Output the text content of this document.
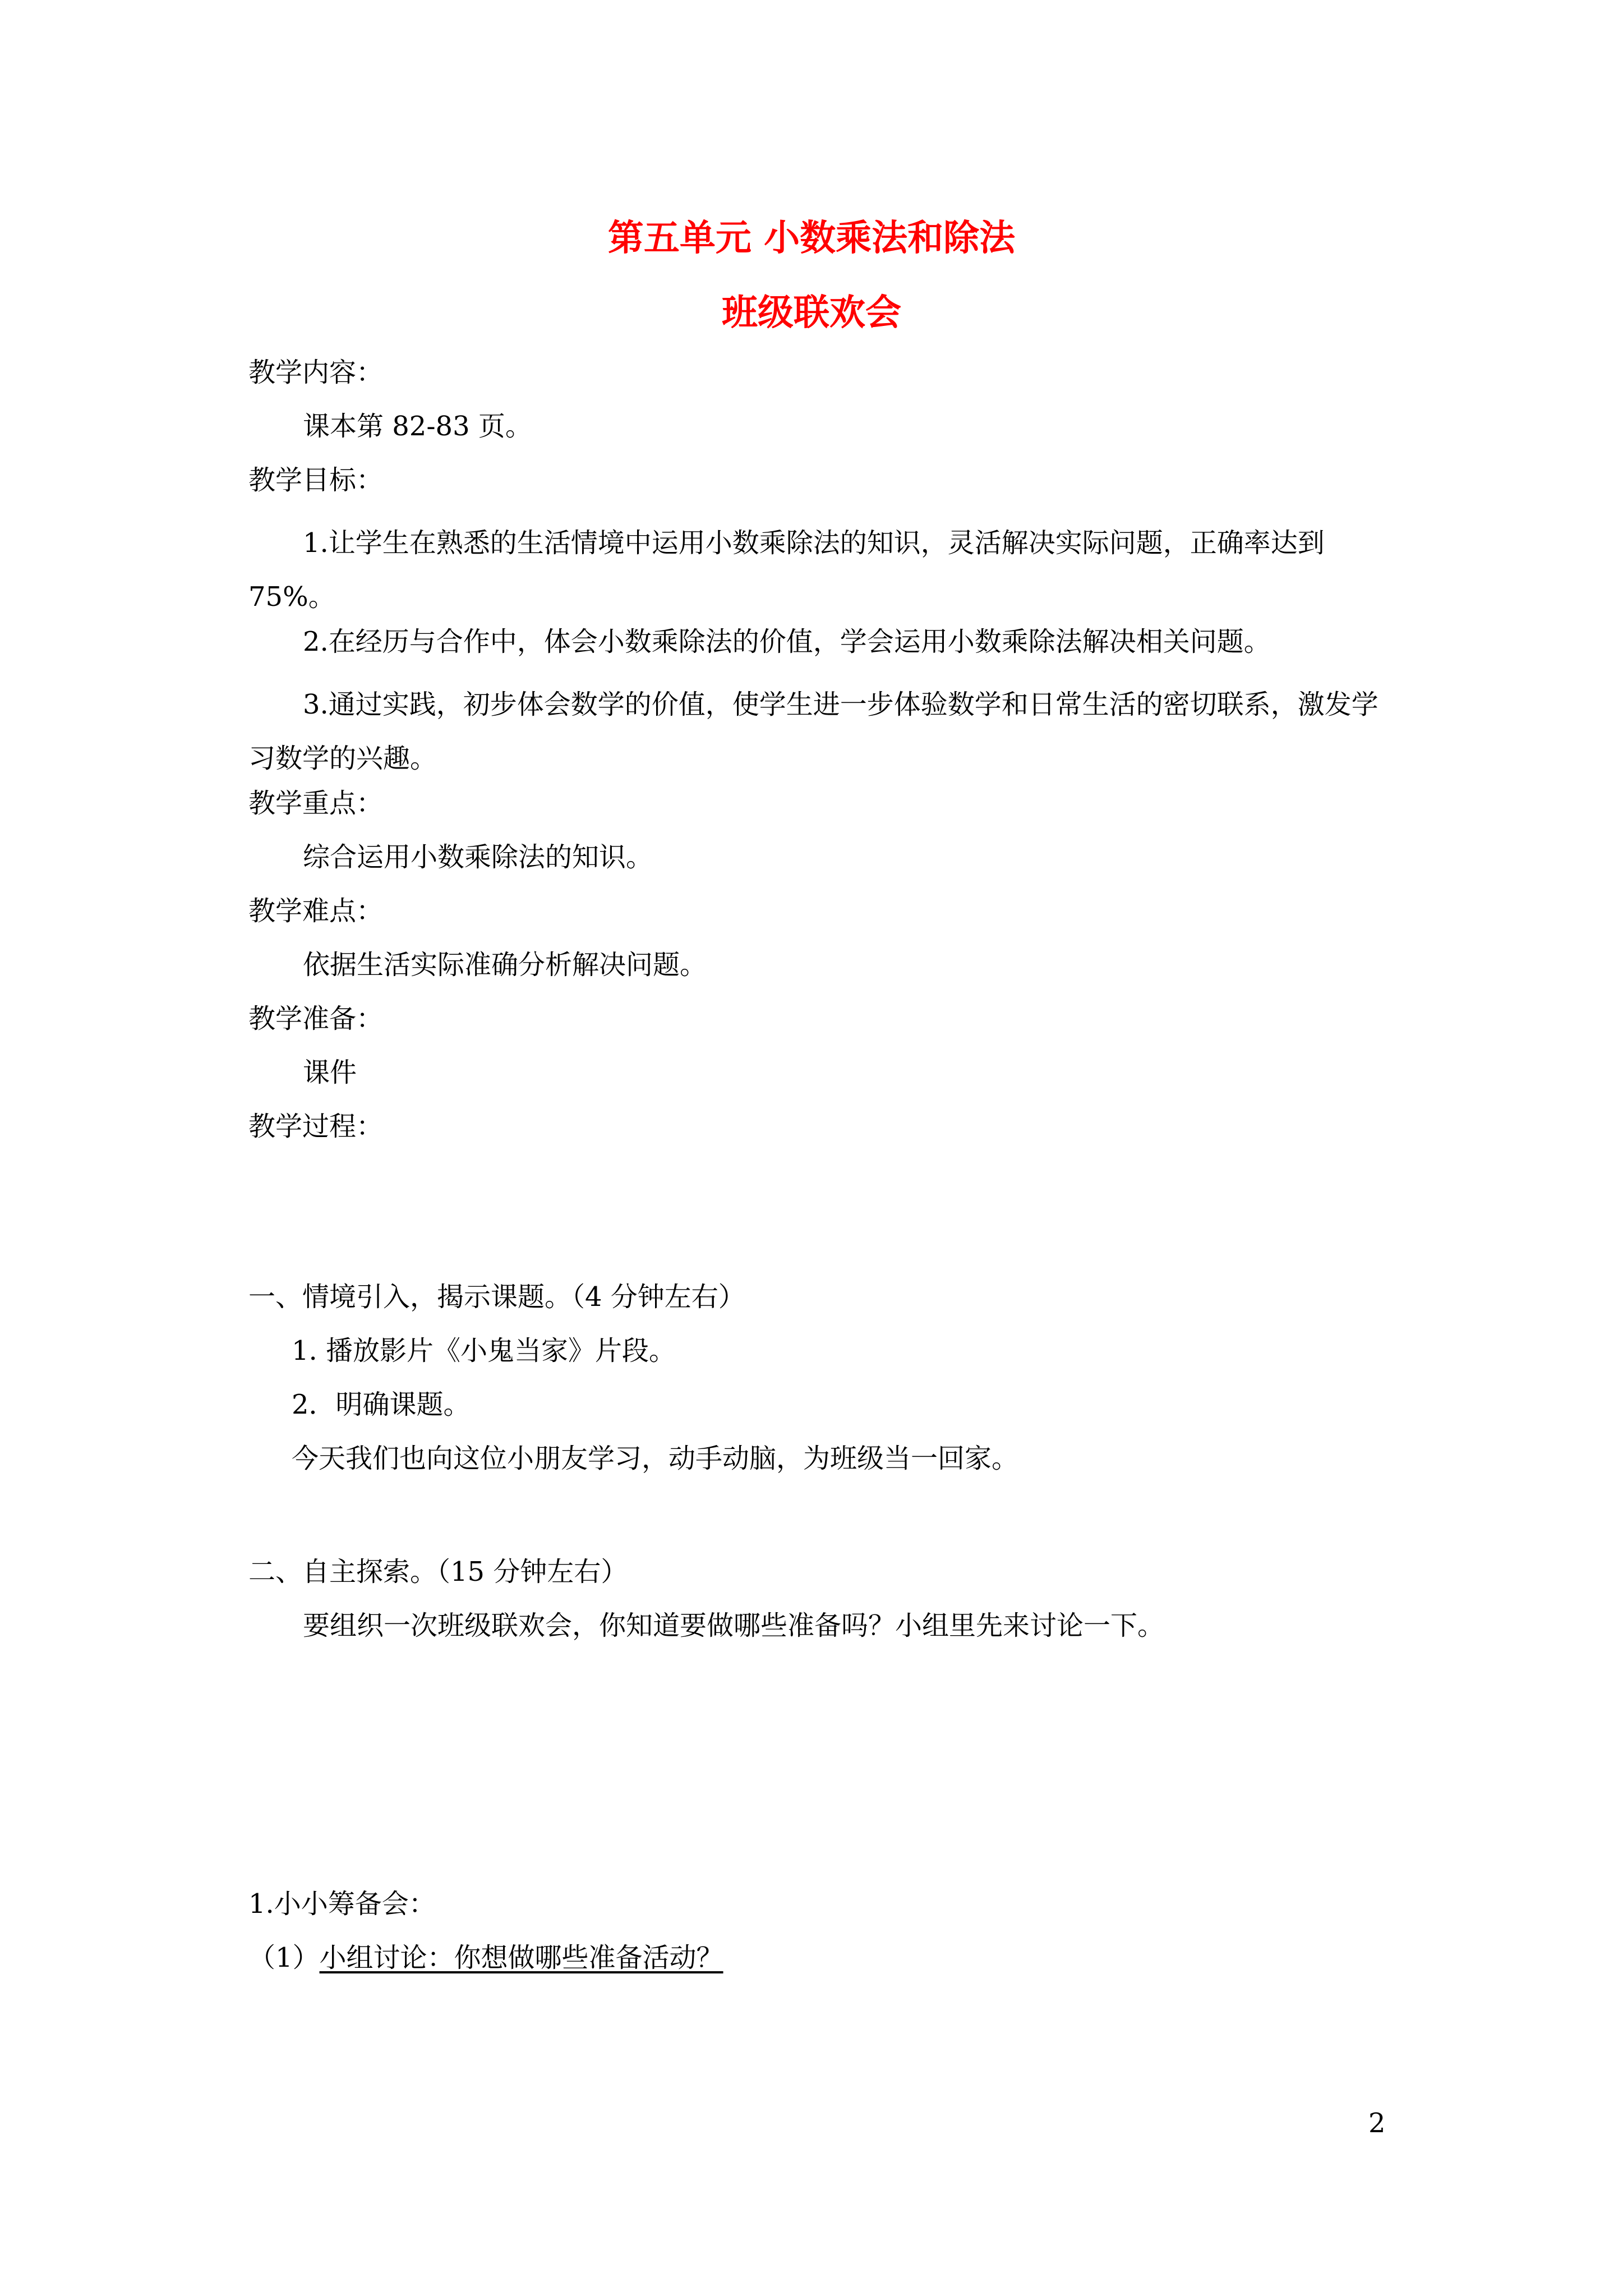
第五单元 小数乘法和除法
班级联欢会

教学内容：

课本第 82-83 页。

教学目标：

1.让学生在熟悉的生活情境中运用小数乘除法的知识，灵活解决实际问题，正确率达到75%。

2.在经历与合作中，体会小数乘除法的价值，学会运用小数乘除法解决相关问题。

3.通过实践，初步体会数学的价值，使学生进一步体验数学和日常生活的密切联系，激发学习数学的兴趣。

教学重点：

综合运用小数乘除法的知识。

教学难点：

依据生活实际准确分析解决问题。

教学准备：

课件

教学过程：

一、情境引入，揭示课题。（4 分钟左右）

1. 播放影片《小鬼当家》片段。

2．明确课题。

今天我们也向这位小朋友学习，动手动脑，为班级当一回家。

二、自主探索。（15 分钟左右）

要组织一次班级联欢会，你知道要做哪些准备吗？小组里先来讨论一下。

1.小小筹备会：

（1）小组讨论：你想做哪些准备活动？

2
